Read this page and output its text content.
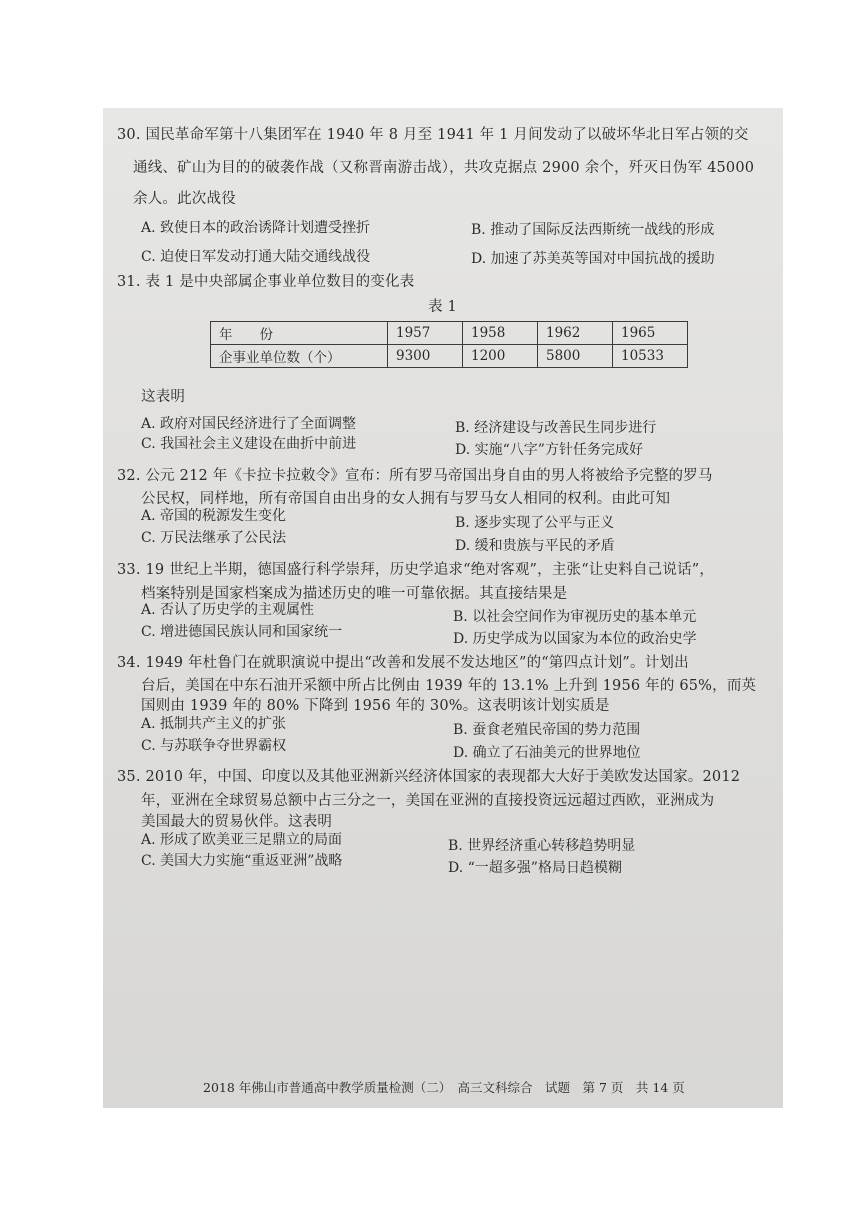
30. 国民革命军第十八集团军在 1940 年 8 月至 1941 年 1 月间发动了以破坏华北日军占领的交
通线、矿山为目的的破袭作战（又称晋南游击战），共攻克据点 2900 余个，歼灭日伪军 45000
余人。此次战役
A. 致使日本的政治诱降计划遭受挫折	B. 推动了国际反法西斯统一战线的形成
C. 迫使日军发动打通大陆交通线战役	D. 加速了苏美英等国对中国抗战的援助
31. 表 1 是中央部属企事业单位数目的变化表
表 1
年　　份	1957	1958	1962	1965
企事业单位数（个）	9300	1200	5800	10533
这表明
A. 政府对国民经济进行了全面调整	B. 经济建设与改善民生同步进行
C. 我国社会主义建设在曲折中前进	D. 实施“八字”方针任务完成好
32. 公元 212 年《卡拉卡拉敕令》宣布：所有罗马帝国出身自由的男人将被给予完整的罗马
公民权，同样地，所有帝国自由出身的女人拥有与罗马女人相同的权利。由此可知
A. 帝国的税源发生变化	B. 逐步实现了公平与正义
C. 万民法继承了公民法	D. 缓和贵族与平民的矛盾
33. 19 世纪上半期，德国盛行科学崇拜，历史学追求“绝对客观”，主张“让史料自己说话”，
档案特别是国家档案成为描述历史的唯一可靠依据。其直接结果是
A. 否认了历史学的主观属性	B. 以社会空间作为审视历史的基本单元
C. 增进德国民族认同和国家统一	D. 历史学成为以国家为本位的政治史学
34. 1949 年杜鲁门在就职演说中提出“改善和发展不发达地区”的“第四点计划”。计划出
台后，美国在中东石油开采额中所占比例由 1939 年的 13.1% 上升到 1956 年的 65%，而英
国则由 1939 年的 80% 下降到 1956 年的 30%。这表明该计划实质是
A. 抵制共产主义的扩张	B. 蚕食老殖民帝国的势力范围
C. 与苏联争夺世界霸权	D. 确立了石油美元的世界地位
35. 2010 年，中国、印度以及其他亚洲新兴经济体国家的表现都大大好于美欧发达国家。2012
年，亚洲在全球贸易总额中占三分之一，美国在亚洲的直接投资远远超过西欧，亚洲成为
美国最大的贸易伙伴。这表明
A. 形成了欧美亚三足鼎立的局面	B. 世界经济重心转移趋势明显
C. 美国大力实施“重返亚洲”战略	D. “一超多强”格局日趋模糊
2018 年佛山市普通高中教学质量检测（二）　高三文科综合　试题　第 7 页　共 14 页
